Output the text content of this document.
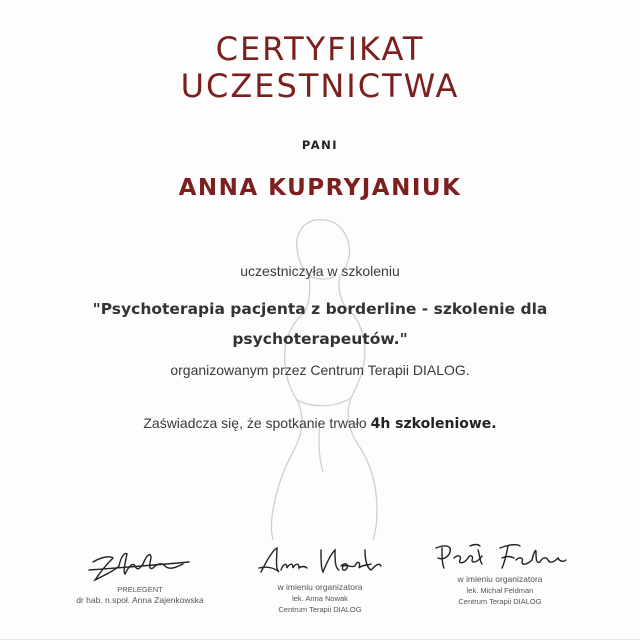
CERTYFIKAT
UCZESTNICTWA
PANI
ANNA KUPRYJANIUK
uczestniczyła w szkoleniu
"Psychoterapia pacjenta z borderline - szkolenie dla psychoterapeutów."
organizowanym przez Centrum Terapii DIALOG.
Zaświadcza się, że spotkanie trwało 4h szkoleniowe.
PRELEGENT
dr hab. n.społ. Anna Zajenkowska
w imieniu organizatora
lek. Anna Nowak
Centrum Terapii DIALOG
w imieniu organizatora
lek. Michał Feldman
Centrum Terapii DIALOG
